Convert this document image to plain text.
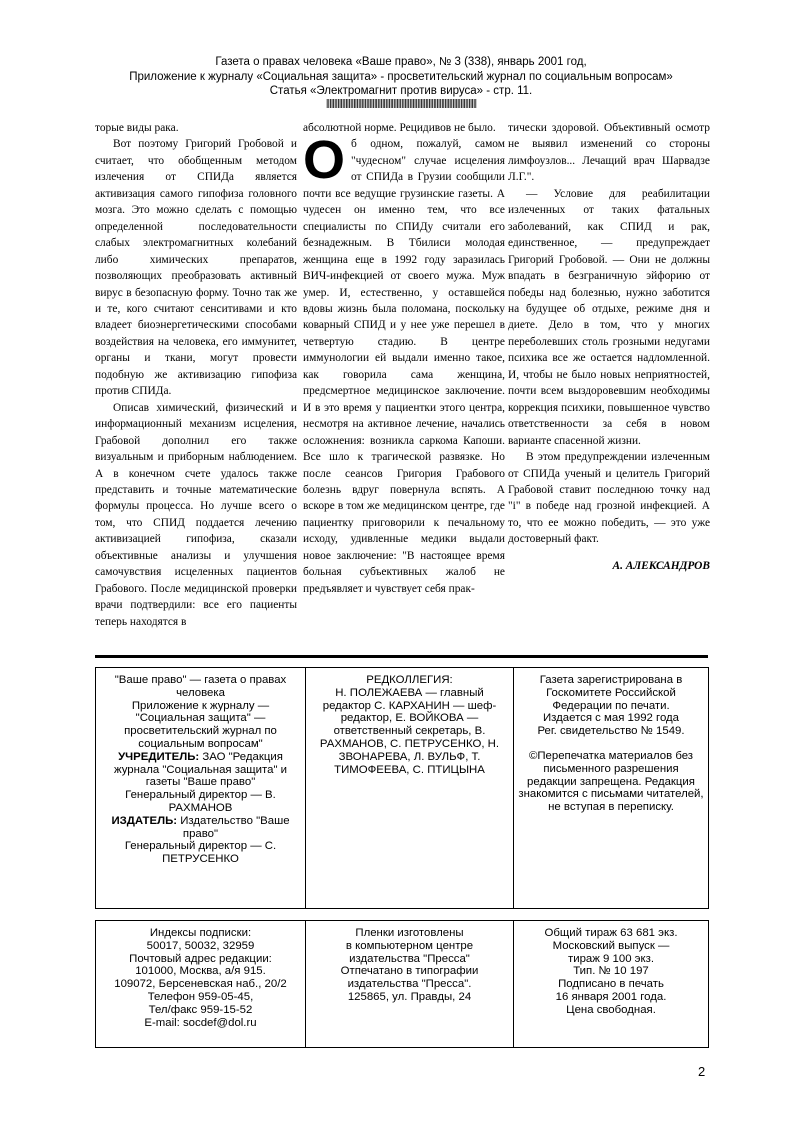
Газета о правах человека «Ваше право», № 3 (338), январь 2001 год,
Приложение к журналу «Социальная защита» - просветительский журнал по социальным вопросам»
Статья «Электромагнит против вируса» - стр. 11.
||||||||||||||||||||||||||||||||||||||||||||||||||||||||||||||||||||||||||||||||||||||||||||||

торые виды рака.

Вот поэтому Григорий Гробовой и считает, что обобщенным методом излечения от СПИДа является активизация самого гипофиза головного мозга. Это можно сделать с помощью определенной последовательности слабых электромагнитных колебаний либо химических препаратов, позволяющих преобразовать активный вирус в безопасную форму. Точно так же и те, кого считают сенситивами и кто владеет биоэнергетическими способами воздействия на человека, его иммунитет, органы и ткани, могут провести подобную же активизацию гипофиза против СПИДа.

Описав химический, физический и информационный механизм исцеления, Грабовой дополнил его также визуальным и приборным наблюдением. А в конечном счете удалось также представить и точные математические формулы процесса. Но лучше всего о том, что СПИД поддается лечению активизацией гипофиза, сказали объективные анализы и улучшения самочувствия исцеленных пациентов Грабового. После медицинской проверки врачи подтвердили: все его пациенты теперь находятся в

абсолютной норме. Рецидивов не было.

Об одном, пожалуй, самом "чудесном" случае исцеления от СПИДа в Грузии сообщили почти все ведущие грузинские газеты. А чудесен он именно тем, что все специалисты по СПИДу считали его безнадежным. В Тбилиси молодая женщина еще в 1992 году заразилась ВИЧ-инфекцией от своего мужа. Муж умер. И, естественно, у оставшейся вдовы жизнь была поломана, поскольку коварный СПИД и у нее уже перешел в четвертую стадию. В центре иммунологии ей выдали именно такое, как говорила сама женщина, предсмертное медицинское заключение. И в это время у пациентки этого центра, несмотря на активное лечение, начались осложнения: возникла саркома Капоши. Все шло к трагической развязке. Но после сеансов Григория Грабового болезнь вдруг повернула вспять. А вскоре в том же медицинском центре, где пациентку приговорили к печальному исходу, удивленные медики выдали новое заключение: "В настоящее время больная субъективных жалоб не предъявляет и чувствует себя прак-

тически здоровой. Объективный осмотр не выявил изменений со стороны лимфоузлов... Лечащий врач Шарвадзе Л.Г.".

— Условие для реабилитации излеченных от таких фатальных заболеваний, как СПИД и рак, единственное, — предупреждает Григорий Гробовой. — Они не должны впадать в безграничную эйфорию от победы над болезнью, нужно заботится на будущее об отдыхе, режиме дня и диете. Дело в том, что у многих переболевших столь грозными недугами психика все же остается надломленной. И, чтобы не было новых неприятностей, почти всем выздоровевшим необходимы коррекция психики, повышенное чувство ответственности за себя в новом варианте спасенной жизни.

В этом предупреждении излеченным от СПИДа ученый и целитель Григорий Грабовой ставит последнюю точку над "i" в победе над грозной инфекцией. А то, что ее можно победить, — это уже достоверный факт.

А. АЛЕКСАНДРОВ

"Ваше право" — газета о правах человека

Приложение к журналу — "Социальная защита" — просветительский журнал по социальным вопросам"

УЧРЕДИТЕЛЬ: ЗАО "Редакция журнала "Социальная защита" и газеты "Ваше право"

Генеральный директор — В. РАХМАНОВ

ИЗДАТЕЛЬ: Издательство "Ваше право"

Генеральный директор — С. ПЕТРУСЕНКО

РЕДКОЛЛЕГИЯ:

Н. ПОЛЕЖАЕВА — главный редактор С. КАРХАНИН — шеф-редактор, Е. ВОЙКОВА — ответственный секретарь, В. РАХМАНОВ, С. ПЕТРУСЕНКО, Н. ЗВОНАРЕВА, Л. ВУЛЬФ, Т. ТИМОФЕЕВА, С. ПТИЦЫНА

Газета зарегистрирована в Госкомитете Российской Федерации по печати.

Издается с мая 1992 года

Рег. свидетельство № 1549.

©Перепечатка материалов без письменного разрешения редакции запрещена. Редакция знакомится с письмами читателей, не вступая в переписку.

Индексы подписки:

50017, 50032, 32959

Почтовый адрес редакции:

101000, Москва, а/я 915.

109072, Берсеневская наб., 20/2

Телефон 959-05-45,

Тел/факс 959-15-52

E-mail: socdef@dol.ru

Пленки изготовлены

в компьютерном центре

издательства "Пресса"

Отпечатано в типографии

издательства "Пресса".

125865, ул. Правды, 24

Общий тираж 63 681 экз.

Московский выпуск —

тираж 9 100 экз.

Тип. № 10 197

Подписано в печать

16 января 2001 года.

Цена свободная.

2
